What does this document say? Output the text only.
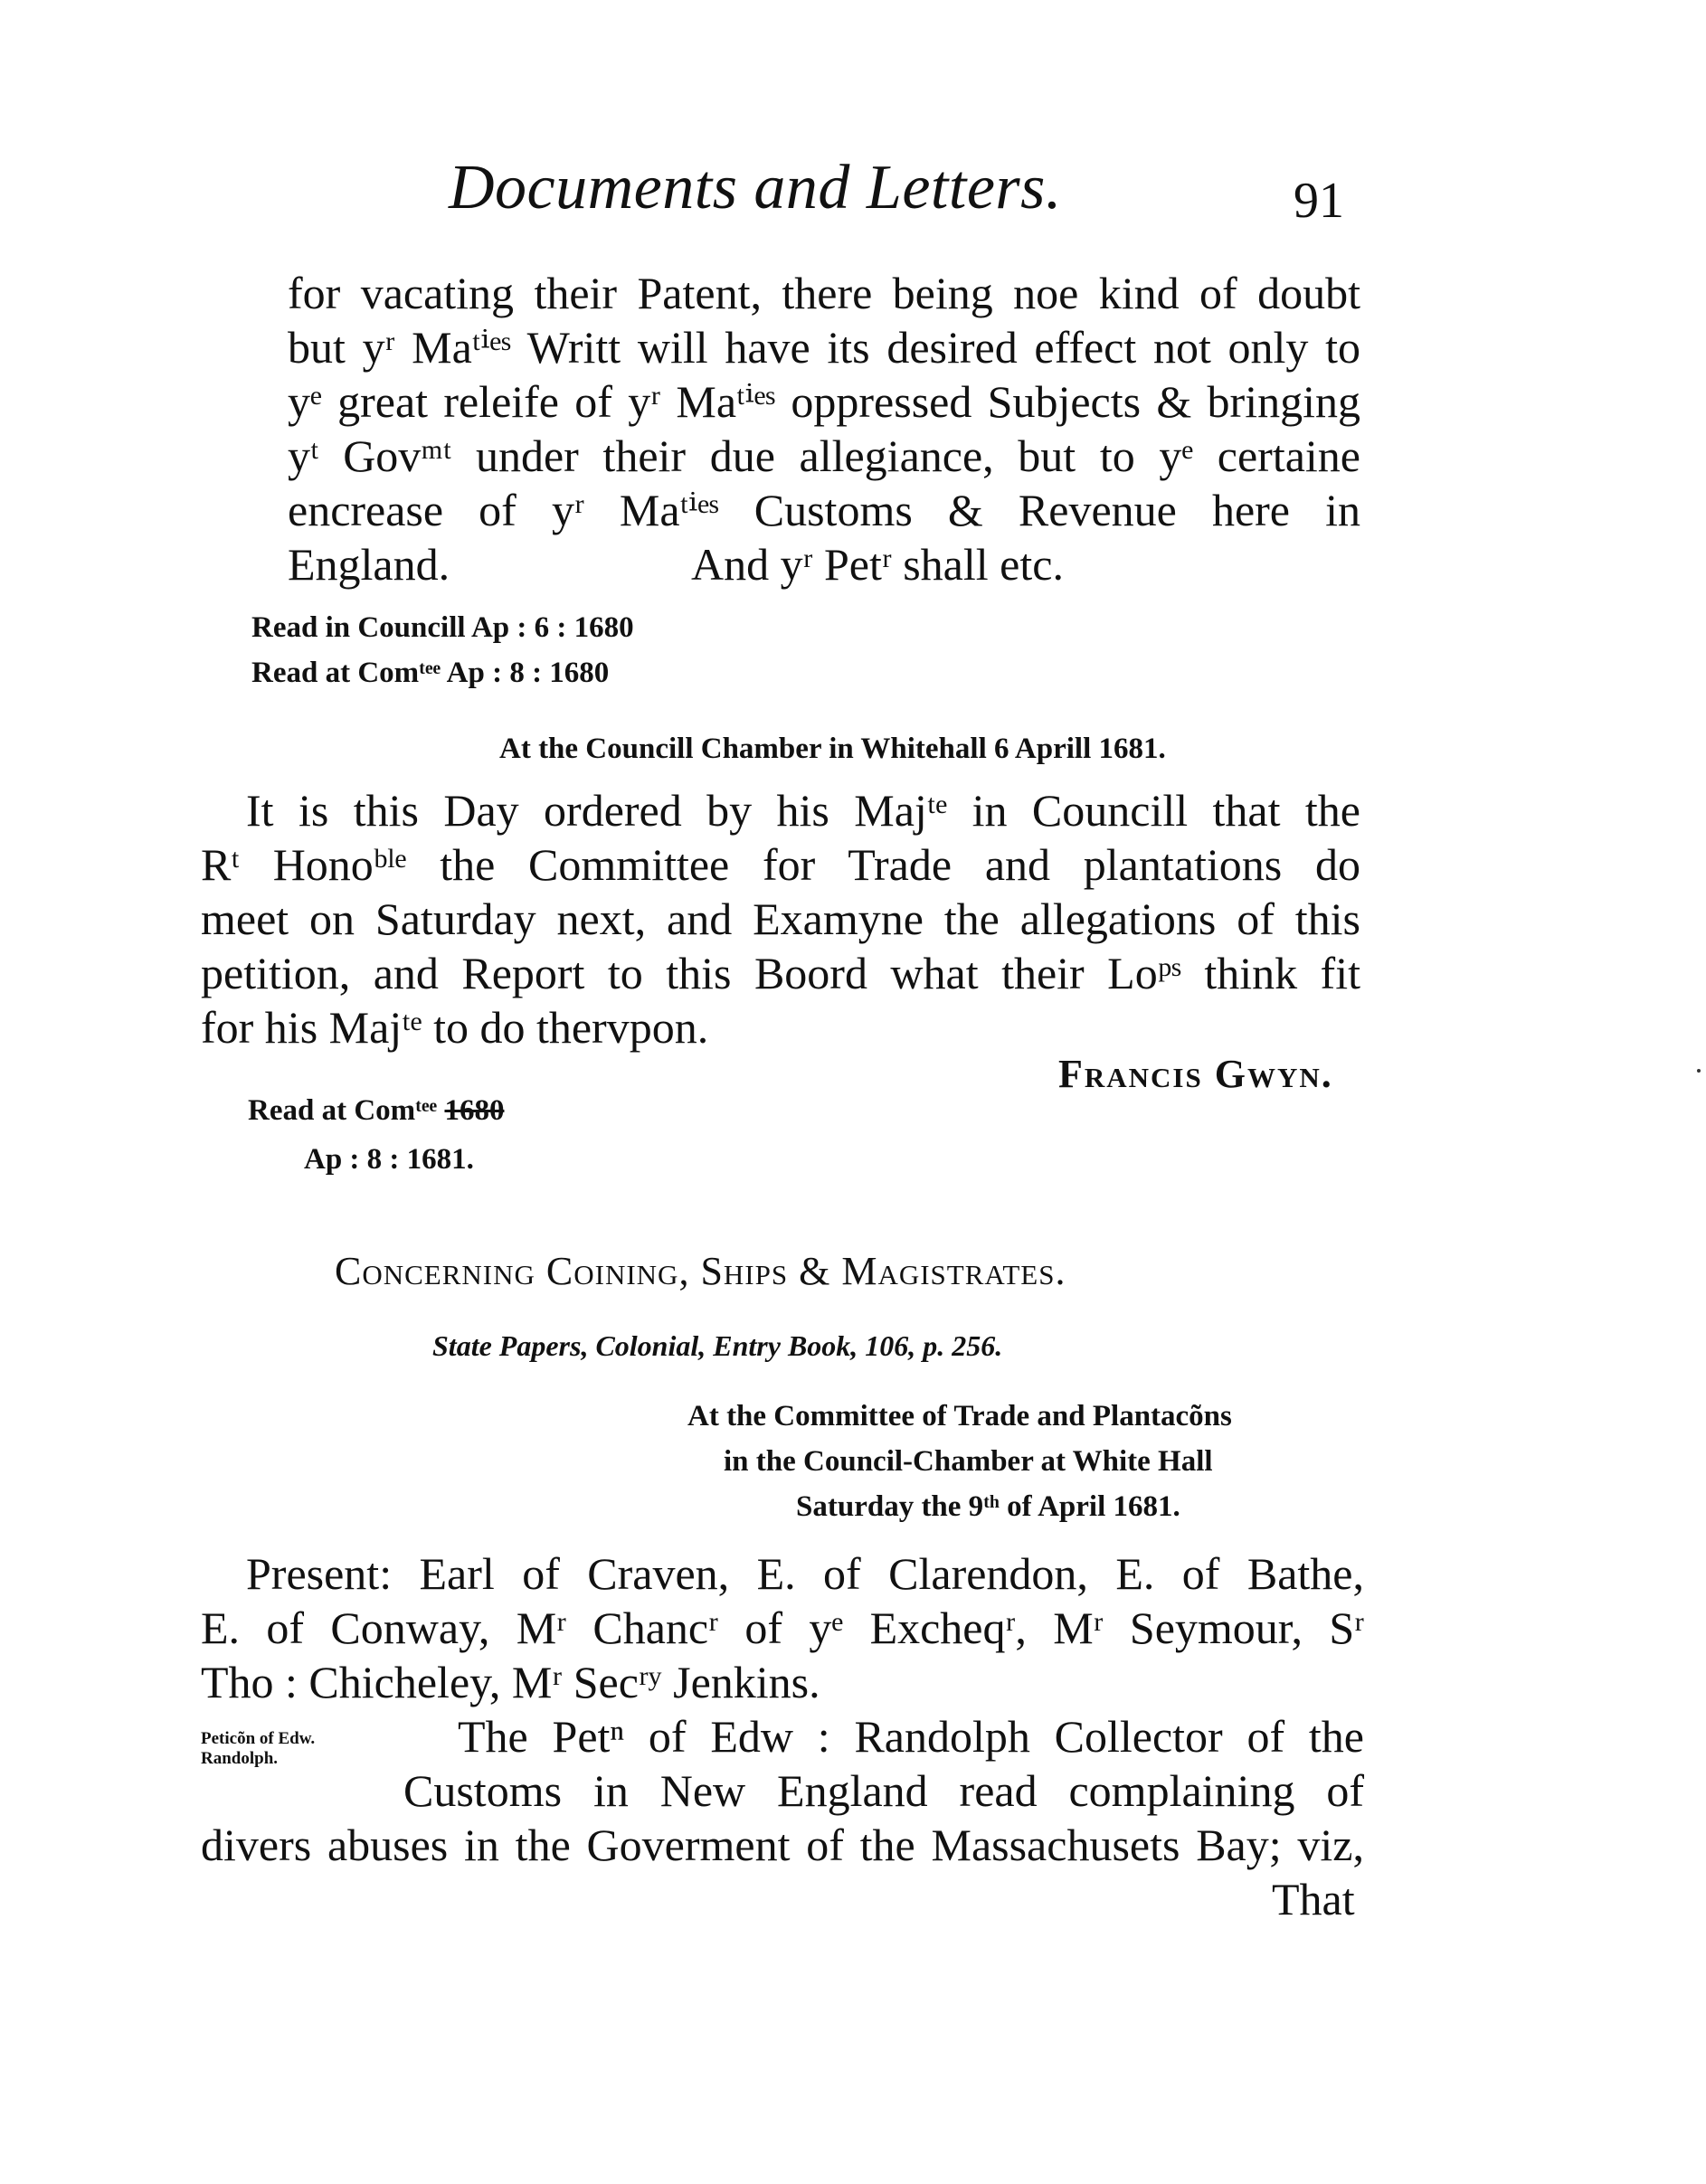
Documents and Letters.	91
for vacating their Patent, there being noe kind of doubt
but yʳ Maᵗⁱᵉˢ Writt will have its desired effect not only to
yᵉ great releife of yʳ Maᵗⁱᵉˢ oppressed Subjects & bringing
yᵗ Govᵐᵗ under their due allegiance, but to yᵉ certaine
encrease of yʳ Maᵗⁱᵉˢ Customs & Revenue here in
England.	And yʳ Petʳ shall etc.
Read in Councill Ap : 6 : 1680
Read at Comᵗᵉᵉ Ap : 8 : 1680
At the Councill Chamber in Whitehall 6 Aprill 1681.
It is this Day ordered by his Majᵗᵉ in Councill that the
Rᵗ Honoᵇˡᵉ the Committee for Trade and plantations do
meet on Saturday next, and Examyne the allegations of this
petition, and Report to this Boord what their Loᵖˢ think fit
for his Majᵗᵉ to do thervpon.
Francis Gwyn.
Read at Comᵗᵉᵉ 1680
Ap : 8 : 1681.
Concerning Coining, Ships & Magistrates.
State Papers, Colonial, Entry Book, 106, p. 256.
At the Committee of Trade and Plantacõns
in the Council-Chamber at White Hall
Saturday the 9ᵗʰ of April 1681.
Present: Earl of Craven, E. of Clarendon, E. of Bathe,
E. of Conway, Mʳ Chancʳ of yᵉ Excheqʳ, Mʳ Seymour, Sʳ
Tho : Chicheley, Mʳ Secʳʸ Jenkins.
Peticõn of Edw.
Randolph.	The Petⁿ of Edw : Randolph Collector of the
Customs in New England read complaining of
divers abuses in the Goverment of the Massachusets Bay; viz,
That
